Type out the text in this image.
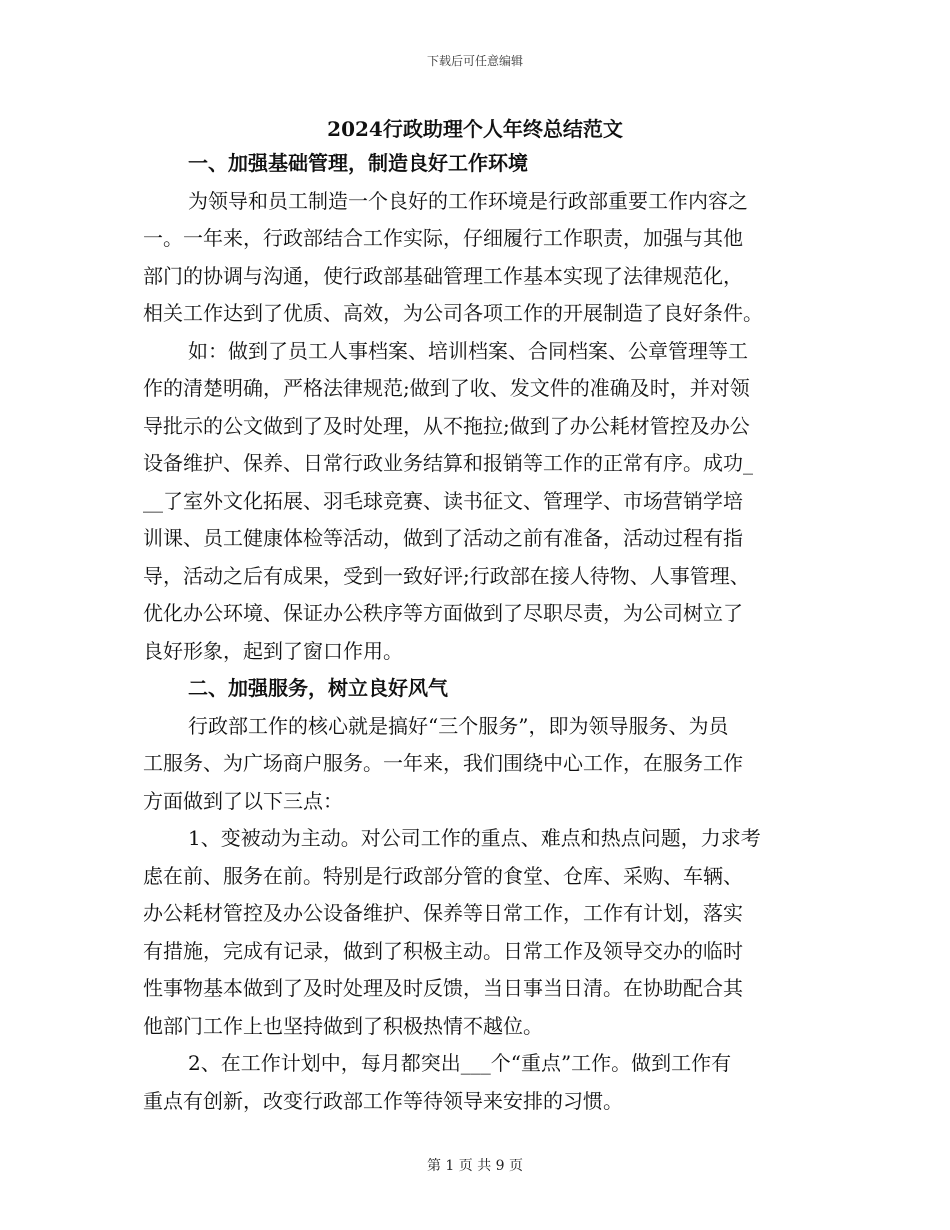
下载后可任意编辑
2024行政助理个人年终总结范文
一、加强基础管理，制造良好工作环境
为领导和员工制造一个良好的工作环境是行政部重要工作内容之
一。一年来，行政部结合工作实际，仔细履行工作职责，加强与其他
部门的协调与沟通，使行政部基础管理工作基本实现了法律规范化，
相关工作达到了优质、高效，为公司各项工作的开展制造了良好条件。
如：做到了员工人事档案、培训档案、合同档案、公章管理等工
作的清楚明确，严格法律规范;做到了收、发文件的准确及时，并对领
导批示的公文做到了及时处理，从不拖拉;做到了办公耗材管控及办公
设备维护、保养、日常行政业务结算和报销等工作的正常有序。成功_
__了室外文化拓展、羽毛球竞赛、读书征文、管理学、市场营销学培
训课、员工健康体检等活动，做到了活动之前有准备，活动过程有指
导，活动之后有成果，受到一致好评;行政部在接人待物、人事管理、
优化办公环境、保证办公秩序等方面做到了尽职尽责，为公司树立了
良好形象，起到了窗口作用。
二、加强服务，树立良好风气
行政部工作的核心就是搞好“三个服务”，即为领导服务、为员
工服务、为广场商户服务。一年来，我们围绕中心工作，在服务工作
方面做到了以下三点：
1、变被动为主动。对公司工作的重点、难点和热点问题，力求考
虑在前、服务在前。特别是行政部分管的食堂、仓库、采购、车辆、
办公耗材管控及办公设备维护、保养等日常工作，工作有计划，落实
有措施，完成有记录，做到了积极主动。日常工作及领导交办的临时
性事物基本做到了及时处理及时反馈，当日事当日清。在协助配合其
他部门工作上也坚持做到了积极热情不越位。
2、在工作计划中，每月都突出___个“重点”工作。做到工作有
重点有创新，改变行政部工作等待领导来安排的习惯。
第 1 页 共 9 页
